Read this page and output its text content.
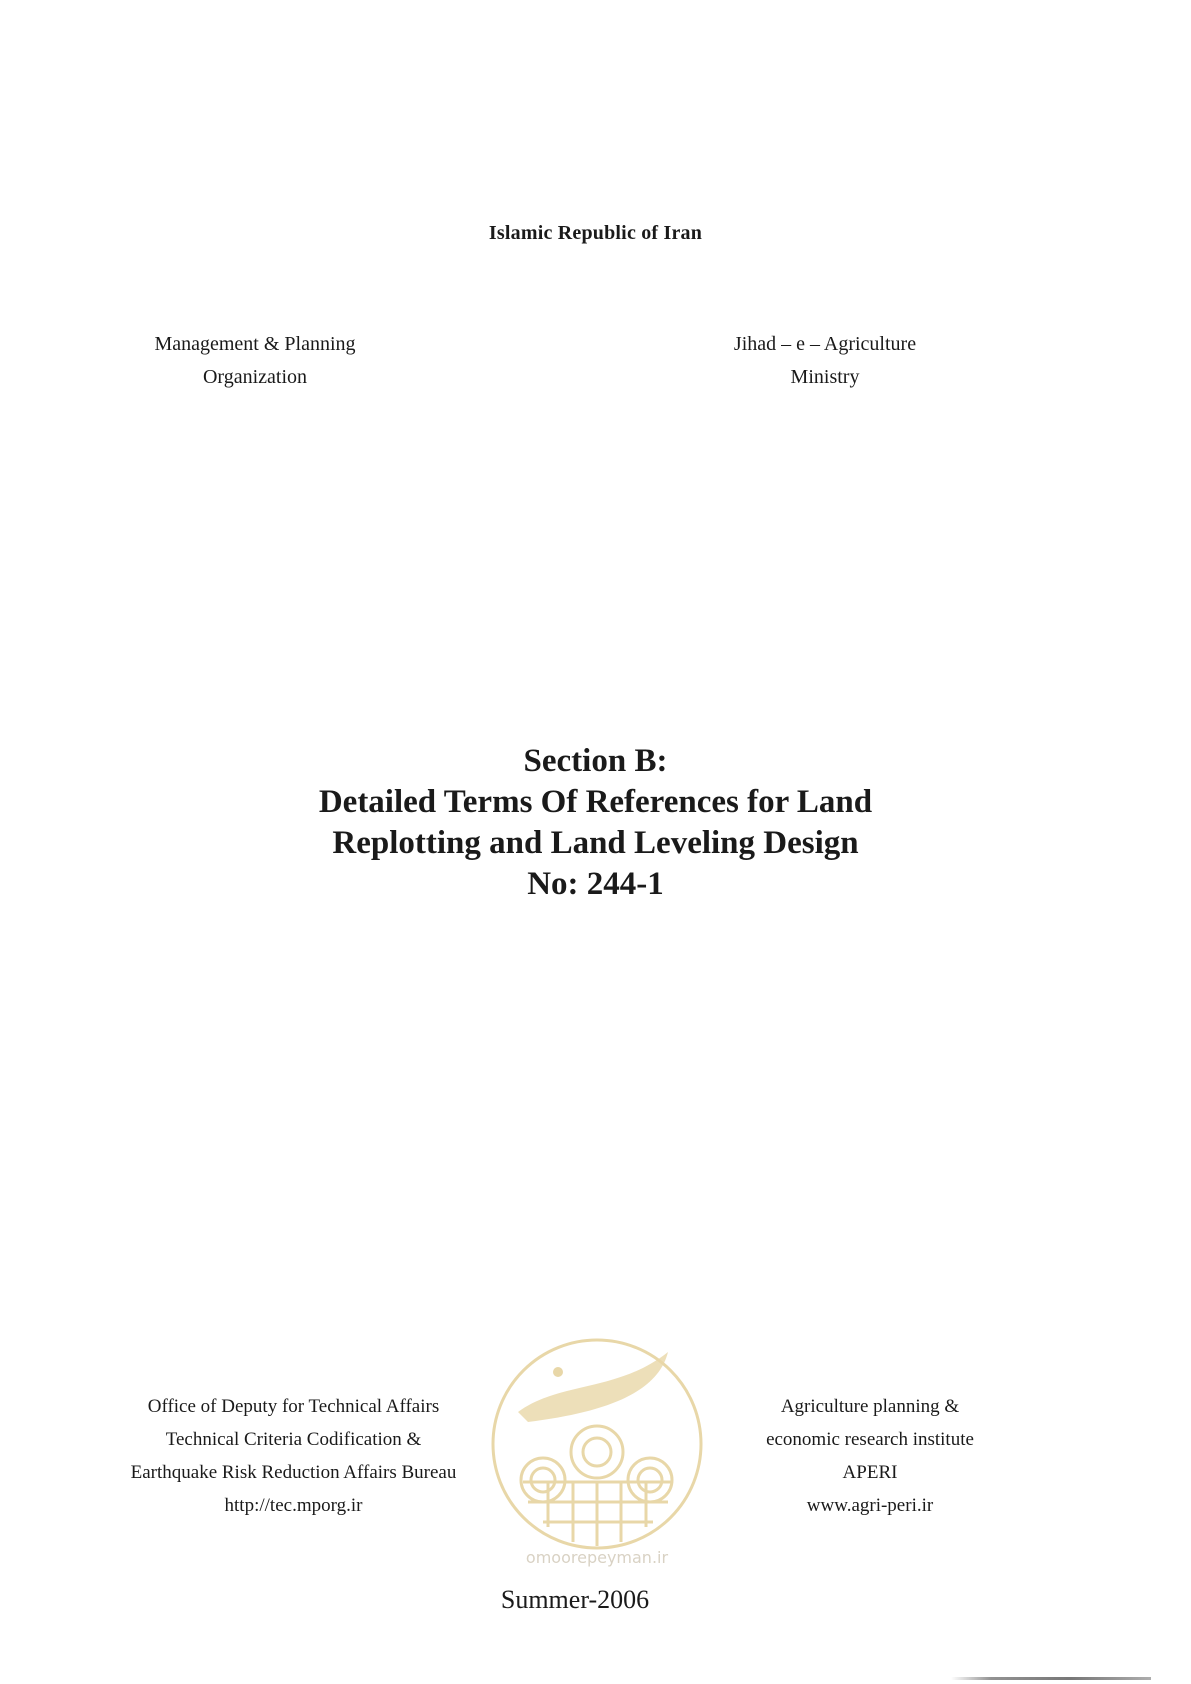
Islamic Republic of Iran
Management & Planning
Organization
Jihad – e – Agriculture
Ministry
Section B:
Detailed Terms Of References for Land
Replotting and Land Leveling Design
No: 244-1
Office of Deputy for Technical Affairs
Technical Criteria Codification &
Earthquake Risk Reduction Affairs Bureau
http://tec.mporg.ir
omoorepeyman.ir
Agriculture planning &
economic research institute
APERI
www.agri-peri.ir
Summer-2006
